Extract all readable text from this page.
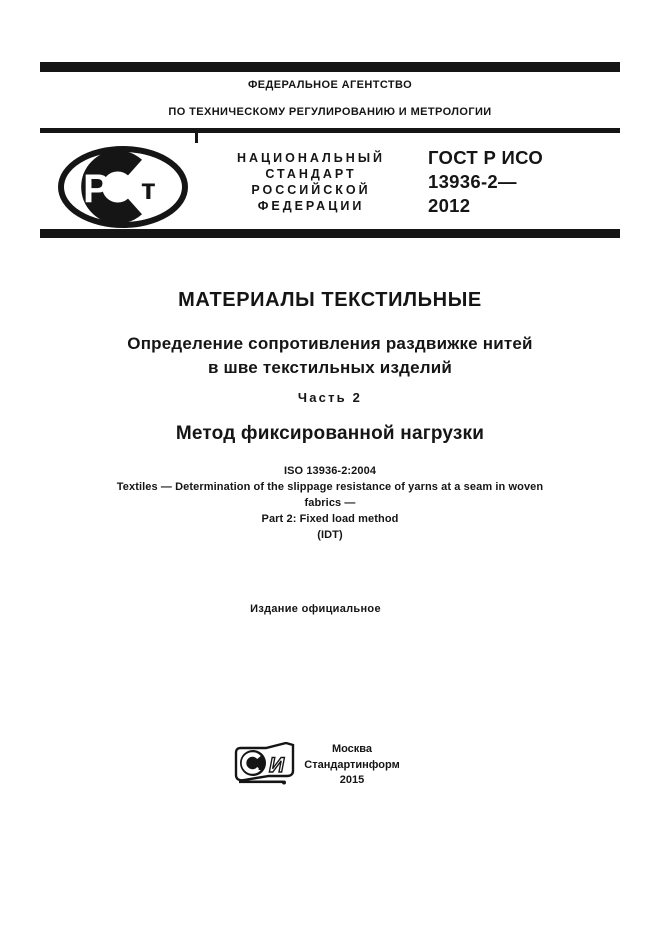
ФЕДЕРАЛЬНОЕ АГЕНТСТВО
ПО ТЕХНИЧЕСКОМУ РЕГУЛИРОВАНИЮ И МЕТРОЛОГИИ
Р т
НАЦИОНАЛЬНЫЙ
СТАНДАРТ
РОССИЙСКОЙ
ФЕДЕРАЦИИ
ГОСТ Р ИСО
13936-2—
2012
МАТЕРИАЛЫ ТЕКСТИЛЬНЫЕ
Определение сопротивления раздвижке нитей
в шве текстильных изделий
Часть 2
Метод фиксированной нагрузки
ISO 13936-2:2004
Textiles — Determination of the slippage resistance of yarns at a seam in woven
fabrics —
Part 2: Fixed load method
(IDT)
Издание официальное
т И
Москва
Стандартинформ
2015
